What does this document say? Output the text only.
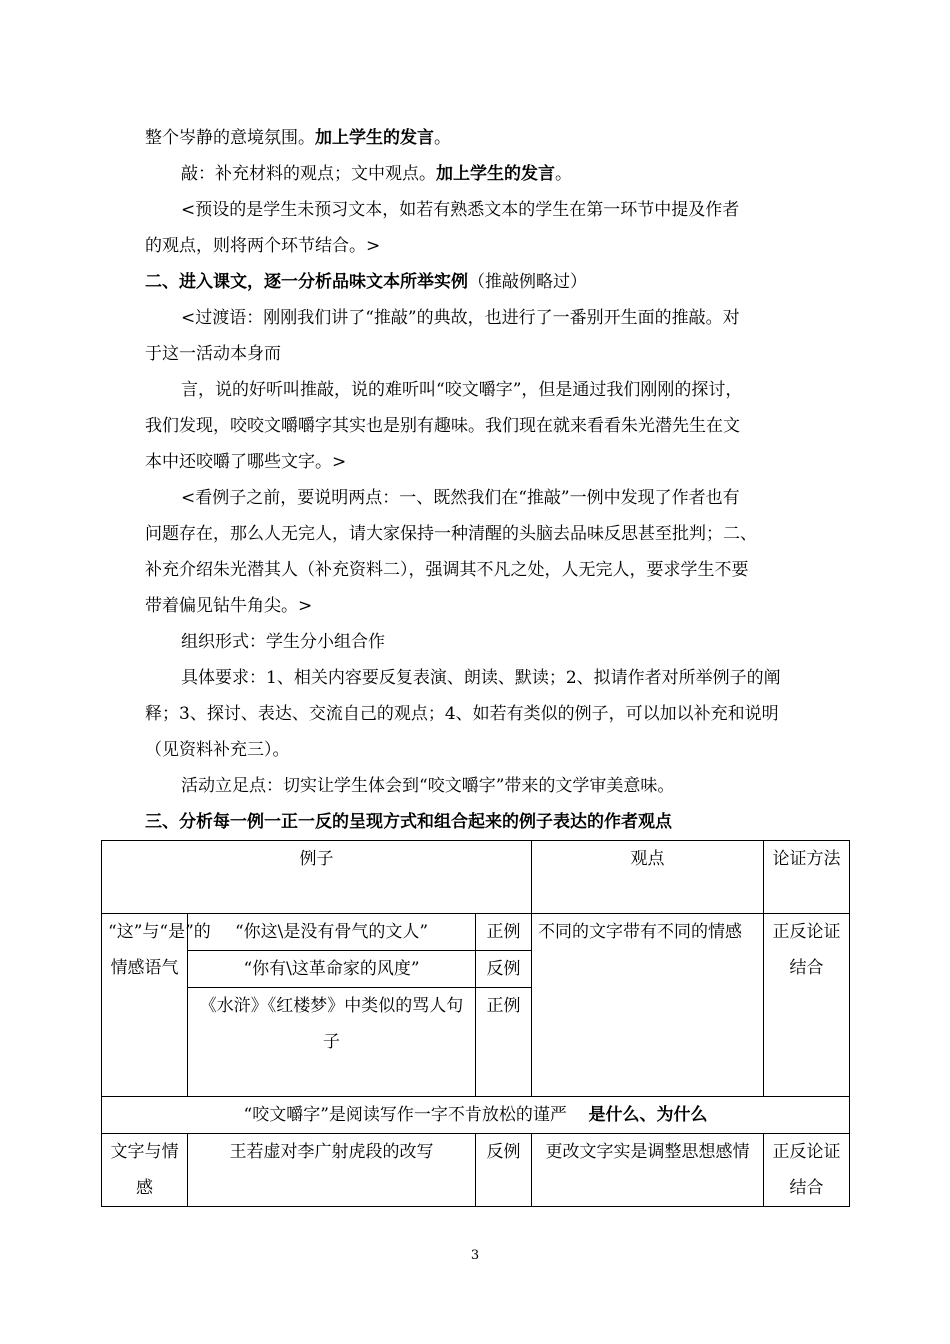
整个岑静的意境氛围。加上学生的发言。
敲：补充材料的观点；文中观点。加上学生的发言。
<预设的是学生未预习文本，如若有熟悉文本的学生在第一环节中提及作者
的观点，则将两个环节结合。>
二、进入课文，逐一分析品味文本所举实例（推敲例略过）
<过渡语：刚刚我们讲了“推敲”的典故，也进行了一番别开生面的推敲。对
于这一活动本身而
言，说的好听叫推敲，说的难听叫“咬文嚼字”，但是通过我们刚刚的探讨，
我们发现，咬咬文嚼嚼字其实也是别有趣味。我们现在就来看看朱光潜先生在文
本中还咬嚼了哪些文字。>
<看例子之前，要说明两点：一、既然我们在“推敲”一例中发现了作者也有
问题存在，那么人无完人，请大家保持一种清醒的头脑去品味反思甚至批判；二、
补充介绍朱光潜其人（补充资料二），强调其不凡之处，人无完人，要求学生不要
带着偏见钻牛角尖。>
组织形式：学生分小组合作
具体要求：1、相关内容要反复表演、朗读、默读；2、拟请作者对所举例子的阐
释；3、探讨、表达、交流自己的观点；4、如若有类似的例子，可以加以补充和说明
（见资料补充三）。
活动立足点：切实让学生体会到“咬文嚼字”带来的文学审美意味。
三、分析每一例一正一反的呈现方式和组合起来的例子表达的作者观点
例子			观点	论证方法
“这”与“是”的情感语气	“你这\是没有骨气的文人”	正例	不同的文字带有不同的情感	正反论证结合
	“你有\这革命家的风度”	反例		
	《水浒》《红楼梦》中类似的骂人句子	正例		
“咬文嚼字”是阅读写作一字不肯放松的谨严 是什么、为什么				
文字与情感	王若虚对李广射虎段的改写	反例	更改文字实是调整思想感情	正反论证结合
3
